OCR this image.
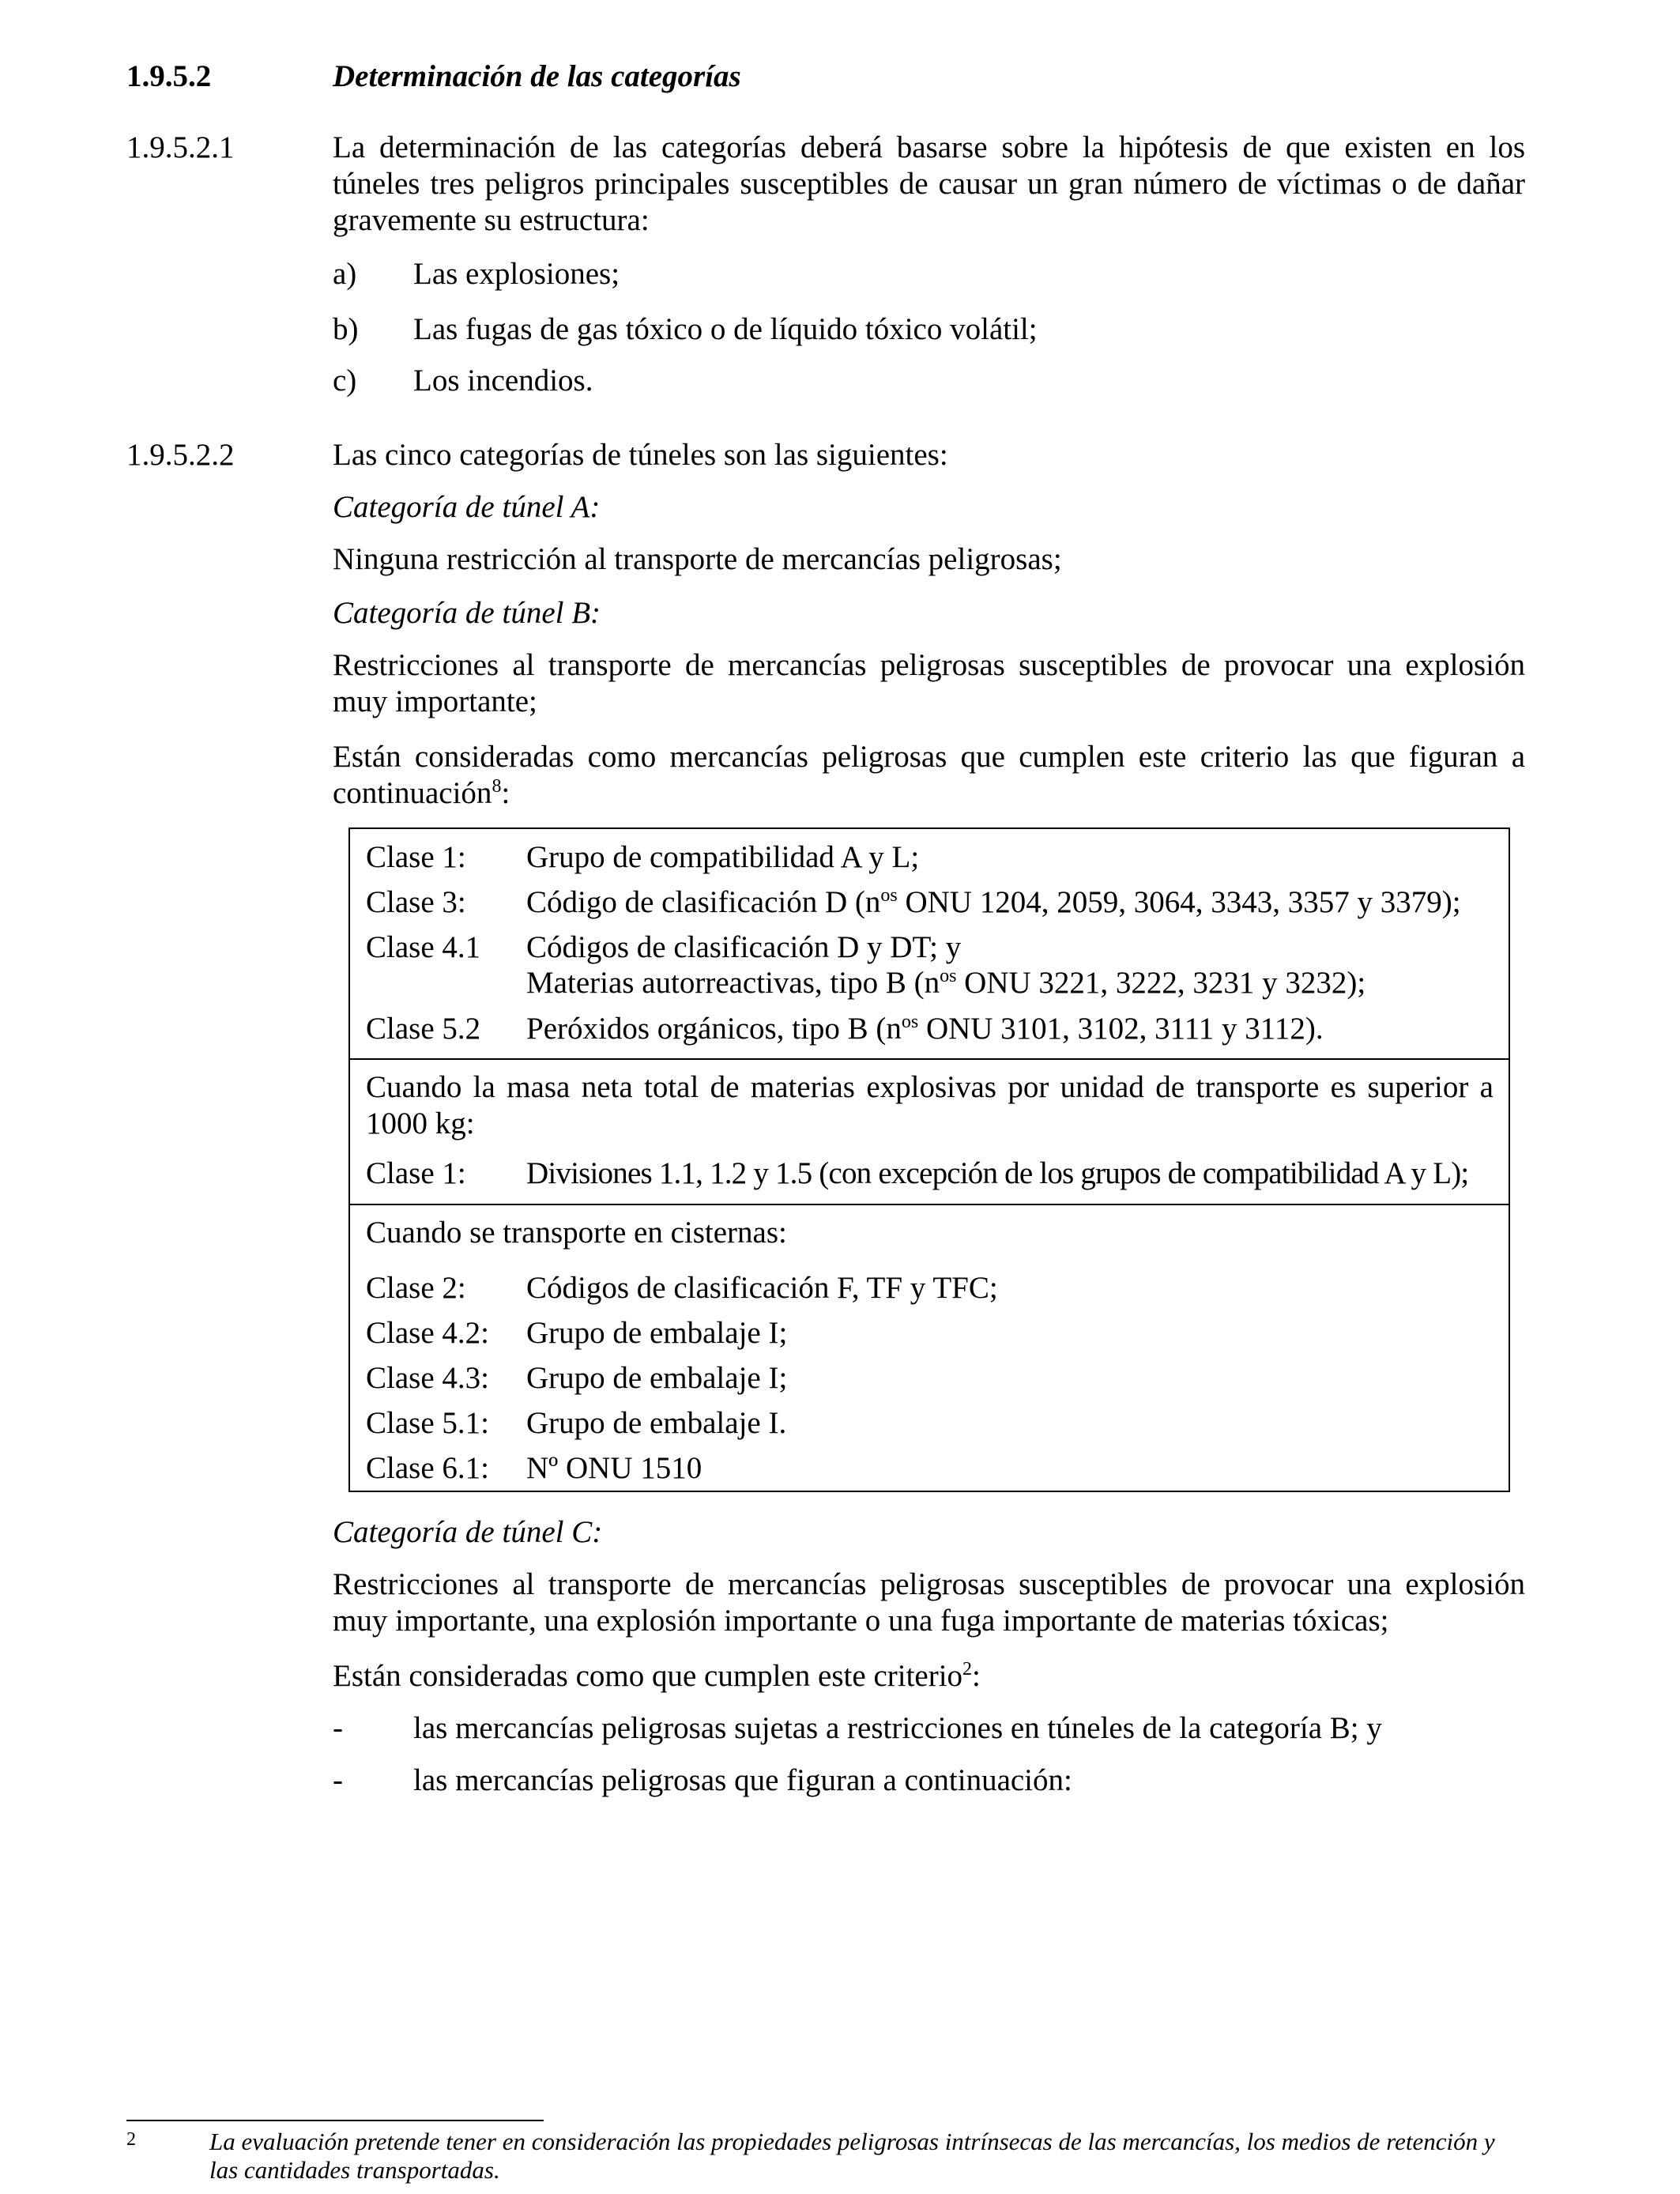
1.9.5.2	Determinación de las categorías
1.9.5.2.1	La determinación de las categorías deberá basarse sobre la hipótesis de que existen en los túneles tres peligros principales susceptibles de causar un gran número de víctimas o de dañar gravemente su estructura:
a) Las explosiones;
b) Las fugas de gas tóxico o de líquido tóxico volátil;
c) Los incendios.
1.9.5.2.2	Las cinco categorías de túneles son las siguientes:
Categoría de túnel A:
Ninguna restricción al transporte de mercancías peligrosas;
Categoría de túnel B:
Restricciones al transporte de mercancías peligrosas susceptibles de provocar una explosión muy importante;
Están consideradas como mercancías peligrosas que cumplen este criterio las que figuran a continuación$^8$:
Clase 1: Grupo de compatibilidad A y L;
Clase 3: Código de clasificación D ($n^{os}$ ONU 1204, 2059, 3064, 3343, 3357 y 3379);
Clase 4.1 Códigos de clasificación D y DT; y
Materias autorreactivas, tipo B ($n^{os}$ ONU 3221, 3222, 3231 y 3232);
Clase 5.2 Peróxidos orgánicos, tipo B ($n^{os}$ ONU 3101, 3102, 3111 y 3112).
Cuando la masa neta total de materias explosivas por unidad de transporte es superior a 1000 kg:
Clase 1: Divisiones 1.1, 1.2 y 1.5 (con excepción de los grupos de compatibilidad A y L);
Cuando se transporte en cisternas:
Clase 2: Códigos de clasificación F, TF y TFC;
Clase 4.2: Grupo de embalaje I;
Clase 4.3: Grupo de embalaje I;
Clase 5.1: Grupo de embalaje I.
Clase 6.1: Nº ONU 1510
Categoría de túnel C:
Restricciones al transporte de mercancías peligrosas susceptibles de provocar una explosión muy importante, una explosión importante o una fuga importante de materias tóxicas;
Están consideradas como que cumplen este criterio$^2$:
- las mercancías peligrosas sujetas a restricciones en túneles de la categoría B; y
- las mercancías peligrosas que figuran a continuación:
2	La evaluación pretende tener en consideración las propiedades peligrosas intrínsecas de las mercancías, los medios de retención y las cantidades transportadas.
